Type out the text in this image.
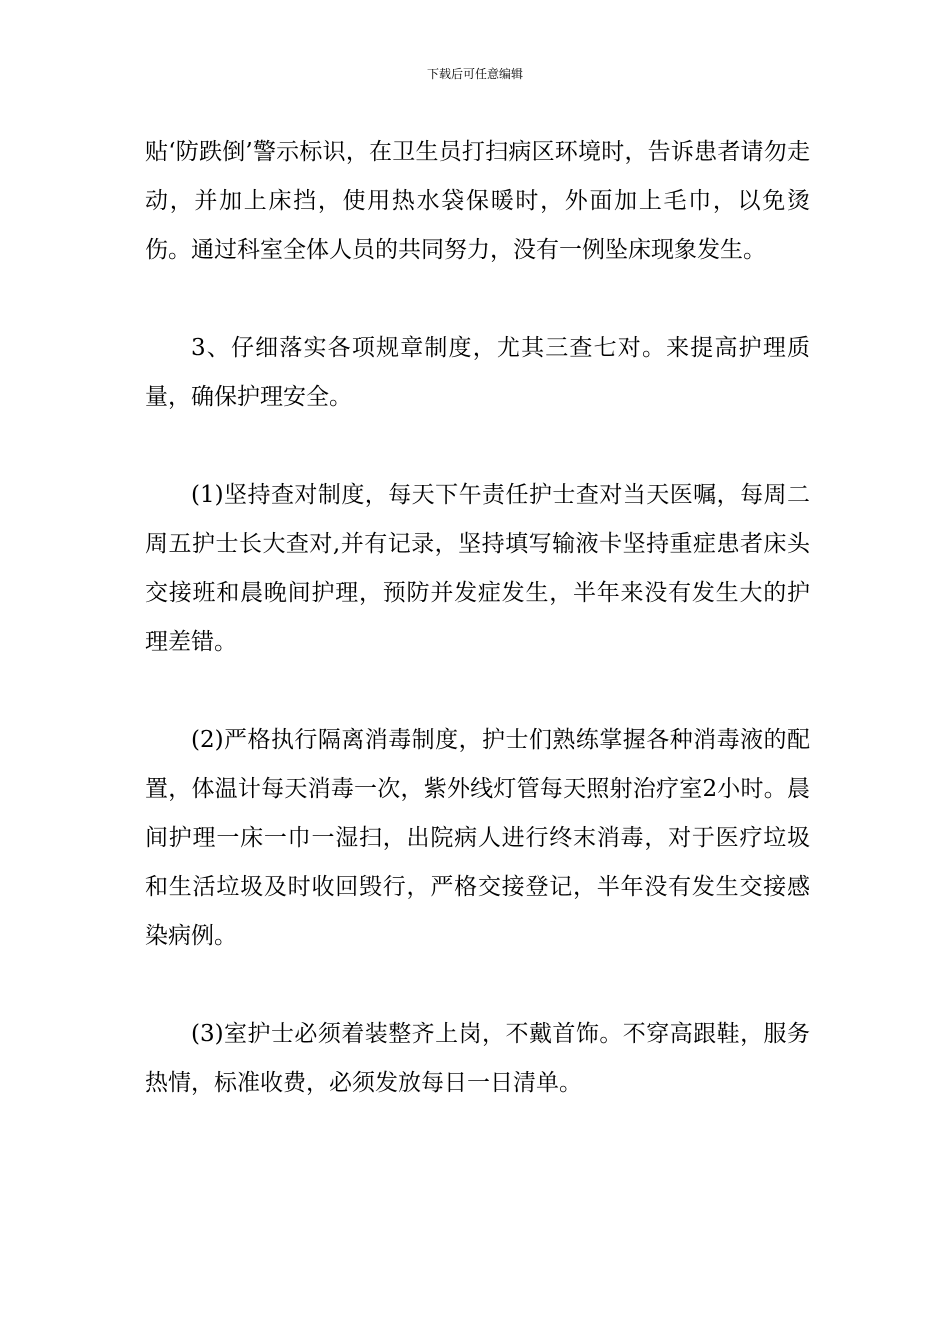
下载后可任意编辑

贴‘防跌倒’警示标识，在卫生员打扫病区环境时，告诉患者请勿走动，并加上床挡，使用热水袋保暖时，外面加上毛巾，以免烫伤。通过科室全体人员的共同努力，没有一例坠床现象发生。

3、仔细落实各项规章制度，尤其三查七对。来提高护理质量，确保护理安全。

(1)坚持查对制度，每天下午责任护士查对当天医嘱，每周二周五护士长大查对,并有记录，坚持填写输液卡坚持重症患者床头交接班和晨晚间护理，预防并发症发生，半年来没有发生大的护理差错。

(2)严格执行隔离消毒制度，护士们熟练掌握各种消毒液的配置，体温计每天消毒一次，紫外线灯管每天照射治疗室2小时。晨间护理一床一巾一湿扫，出院病人进行终末消毒，对于医疗垃圾和生活垃圾及时收回毁行，严格交接登记，半年没有发生交接感染病例。

(3)室护士必须着装整齐上岗，不戴首饰。不穿高跟鞋，服务热情，标准收费，必须发放每日一日清单。
